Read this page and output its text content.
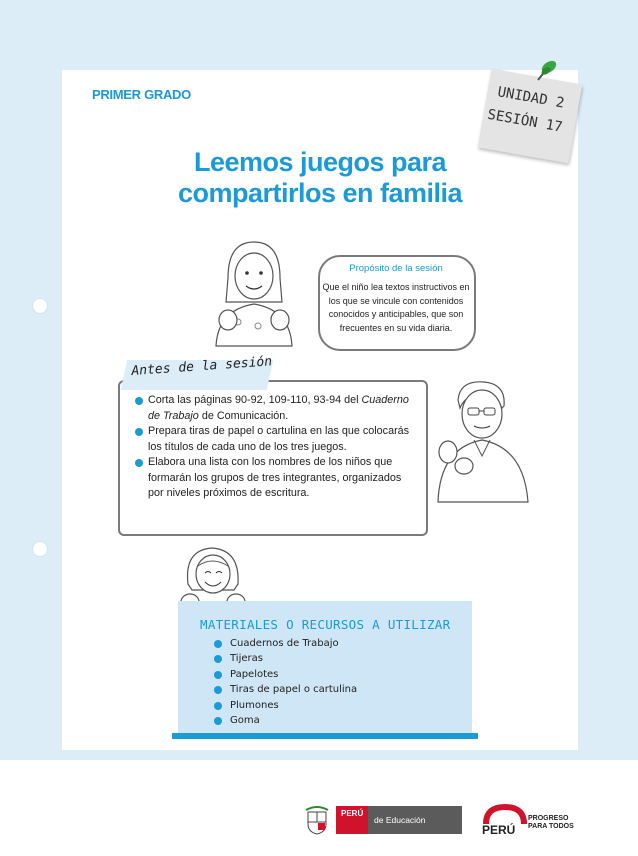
PRIMER GRADO	UNIDAD 2
SESIÓN 17
Leemos juegos para
compartirlos en familia
Propósito de la sesión
Que el niño lea textos instructivos en los que se vincule con contenidos conocidos y anticipables, que son frecuentes en su vida diaria.
Antes de la sesión
Corta las páginas 90-92, 109-110, 93-94 del Cuaderno de Trabajo de Comunicación.
Prepara tiras de papel o cartulina en las que colocarás los títulos de cada uno de los tres juegos.
Elabora una lista con los nombres de los niños que formarán los grupos de tres integrantes, organizados por niveles próximos de escritura.
MATERIALES O RECURSOS A UTILIZAR
Cuadernos de Trabajo
Tijeras
Papelotes
Tiras de papel o cartulina
Plumones
Goma
PERÚ
de Educación
PERÚ
PROGRESO
PARA TODOS
